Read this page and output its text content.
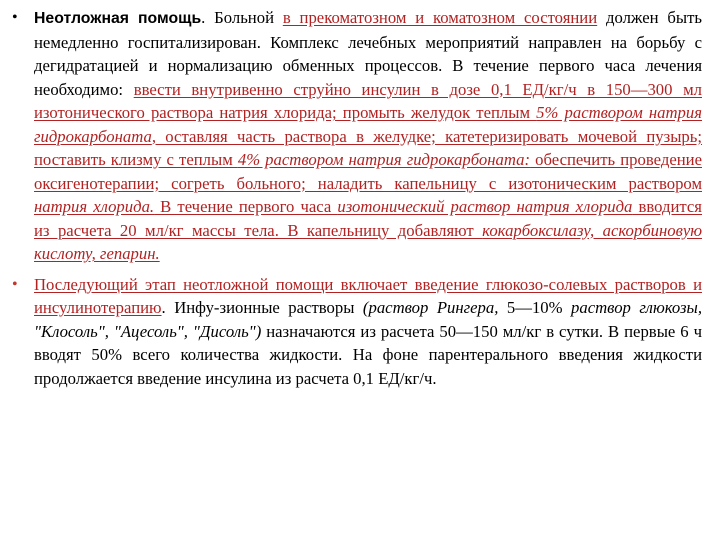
•	Неотложная помощь. Больной в прекоматозном и коматозном состоянии должен быть немедленно госпитализирован. Комплекс лечебных мероприятий направлен на борьбу с дегидратацией и нормализацию обменных процессов. В течение первого часа лечения необходимо: ввести внутривенно струйно инсулин в дозе 0,1 ЕД/кг/ч в 150—300 мл изотонического раствора натрия хлорида; промыть желудок теплым 5% раствором натрия гидрокарбоната, оставляя часть раствора в желудке; катетеризировать мочевой пузырь; поставить клизму с теплым 4% раствором натрия гидрокарбоната: обеспечить проведение оксигенотерапии; согреть больного; наладить капельницу с изотоническим раствором натрия хлорида. В течение первого часа изотонический раствор натрия хлорида вводится из расчета 20 мл/кг массы тела. В капельницу добавляют кокарбоксилазу, аскорбиновую кислоту, гепарин.

• Последующий этап неотложной помощи включает введение глюкозо-солевых растворов и инсулинотерапию. Инфу-зионные растворы (раствор Рингера, 5—10% раствор глюкозы, "Клосоль", "Ацесоль", "Дисоль") назначаются из расчета 50—150 мл/кг в сутки. В первые 6 ч вводят 50% всего количества жидкости. На фоне парентерального введения жидкости продолжается введение инсулина из расчета 0,1 ЕД/кг/ч.
